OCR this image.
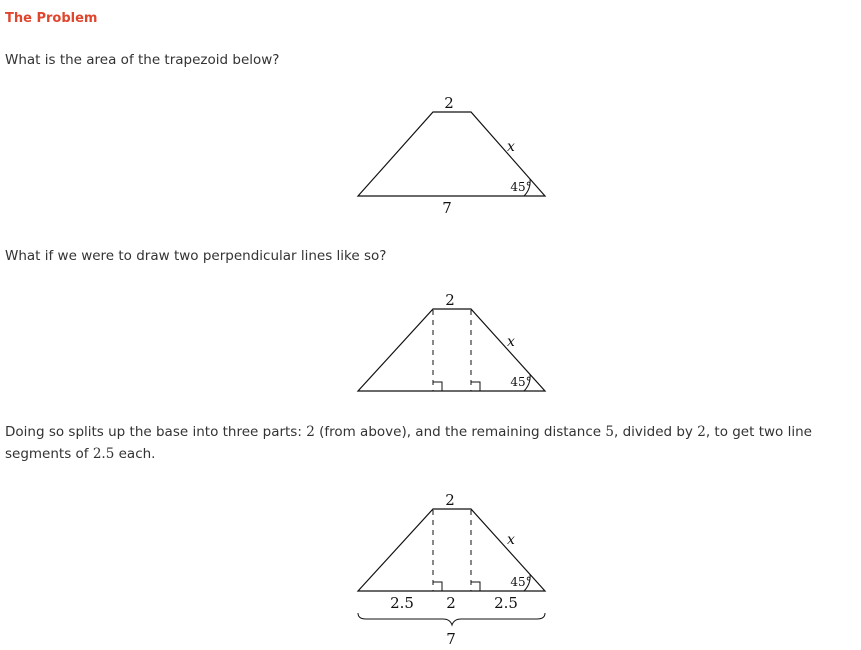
The Problem
What is the area of the trapezoid below?
2
x
45°
7
What if we were to draw two perpendicular lines like so?
2
x
45°
Doing so splits up the base into three parts: 2 (from above), and the remaining distance 5, divided by 2, to get two line segments of 2.5 each.
2
x
45°
2.5 2	2.5
7
